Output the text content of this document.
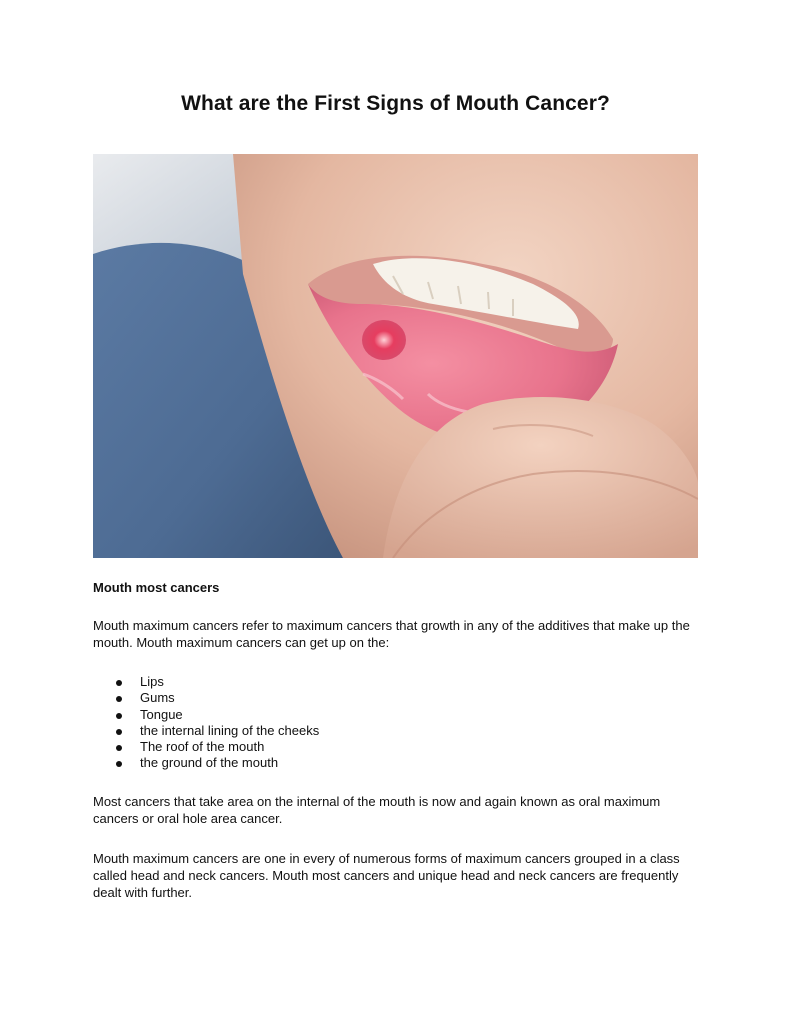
What are the First Signs of Mouth Cancer?
Mouth most cancers

Mouth maximum cancers refer to maximum cancers that growth in any of the additives that make up the mouth. Mouth maximum cancers can get up on the:

Lips
Gums
Tongue
the internal lining of the cheeks
The roof of the mouth
the ground of the mouth

Most cancers that take area on the internal of the mouth is now and again known as oral maximum cancers or oral hole area cancer.

Mouth maximum cancers are one in every of numerous forms of maximum cancers grouped in a class called head and neck cancers. Mouth most cancers and unique head and neck cancers are frequently dealt with further.
